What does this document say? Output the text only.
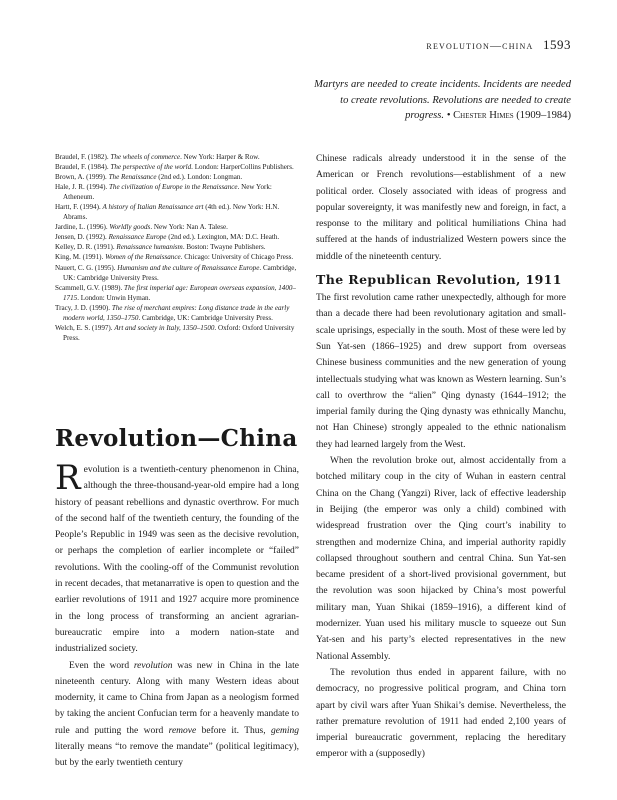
revolution—china 1593
Martyrs are needed to create incidents. Incidents are needed to create revolutions. Revolutions are needed to create progress. • Chester Himes (1909–1984)
Braudel, F. (1982). The wheels of commerce. New York: Harper & Row.
Braudel, F. (1984). The perspective of the world. London: HarperCollins Publishers.
Brown, A. (1999). The Renaissance (2nd ed.). London: Longman.
Hale, J. R. (1994). The civilization of Europe in the Renaissance. New York: Atheneum.
Hartt, F. (1994). A history of Italian Renaissance art (4th ed.). New York: H.N. Abrams.
Jardine, L. (1996). Worldly goods. New York: Nan A. Talese.
Jensen, D. (1992). Renaissance Europe (2nd ed.). Lexington, MA: D.C. Heath.
Kelley, D. R. (1991). Renaissance humanism. Boston: Twayne Publishers.
King, M. (1991). Women of the Renaissance. Chicago: University of Chicago Press.
Nauert, C. G. (1995). Humanism and the culture of Renaissance Europe. Cambridge, UK: Cambridge University Press.
Scammell, G.V. (1989). The first imperial age: European overseas expansion, 1400–1715. London: Unwin Hyman.
Tracy, J. D. (1990). The rise of merchant empires: Long distance trade in the early modern world, 1350–1750. Cambridge, UK: Cambridge University Press.
Welch, E. S. (1997). Art and society in Italy, 1350–1500. Oxford: Oxford University Press.
Revolution—China

Revolution is a twentieth-century phenomenon in China, although the three-thousand-year-old empire had a long history of peasant rebellions and dynastic overthrow. For much of the second half of the twentieth century, the founding of the People’s Republic in 1949 was seen as the decisive revolution, or perhaps the completion of earlier incomplete or “failed” revolutions. With the cooling-off of the Communist revolution in recent decades, that metanarrative is open to question and the earlier revolutions of 1911 and 1927 acquire more prominence in the long process of transforming an ancient agrarian-bureaucratic empire into a modern nation-state and industrialized society.

Even the word revolution was new in China in the late nineteenth century. Along with many Western ideas about modernity, it came to China from Japan as a neologism formed by taking the ancient Confucian term for a heavenly mandate to rule and putting the word remove before it. Thus, geming literally means “to remove the mandate” (political legitimacy), but by the early twentieth century

Chinese radicals already understood it in the sense of the American or French revolutions—establishment of a new political order. Closely associated with ideas of progress and popular sovereignty, it was manifestly new and foreign, in fact, a response to the military and political humiliations China had suffered at the hands of industrialized Western powers since the middle of the nineteenth century.

The Republican Revolution, 1911

The first revolution came rather unexpectedly, although for more than a decade there had been revolutionary agitation and small-scale uprisings, especially in the south. Most of these were led by Sun Yat-sen (1866–1925) and drew support from overseas Chinese business communities and the new generation of young intellectuals studying what was known as Western learning. Sun’s call to overthrow the “alien” Qing dynasty (1644–1912; the imperial family during the Qing dynasty was ethnically Manchu, not Han Chinese) strongly appealed to the ethnic nationalism they had learned largely from the West.

When the revolution broke out, almost accidentally from a botched military coup in the city of Wuhan in eastern central China on the Chang (Yangzi) River, lack of effective leadership in Beijing (the emperor was only a child) combined with widespread frustration over the Qing court’s inability to strengthen and modernize China, and imperial authority rapidly collapsed throughout southern and central China. Sun Yat-sen became president of a short-lived provisional government, but the revolution was soon hijacked by China’s most powerful military man, Yuan Shikai (1859–1916), a different kind of modernizer. Yuan used his military muscle to squeeze out Sun Yat-sen and his party’s elected representatives in the new National Assembly.

The revolution thus ended in apparent failure, with no democracy, no progressive political program, and China torn apart by civil wars after Yuan Shikai’s demise. Nevertheless, the rather premature revolution of 1911 had ended 2,100 years of imperial bureaucratic government, replacing the hereditary emperor with a (supposedly)
